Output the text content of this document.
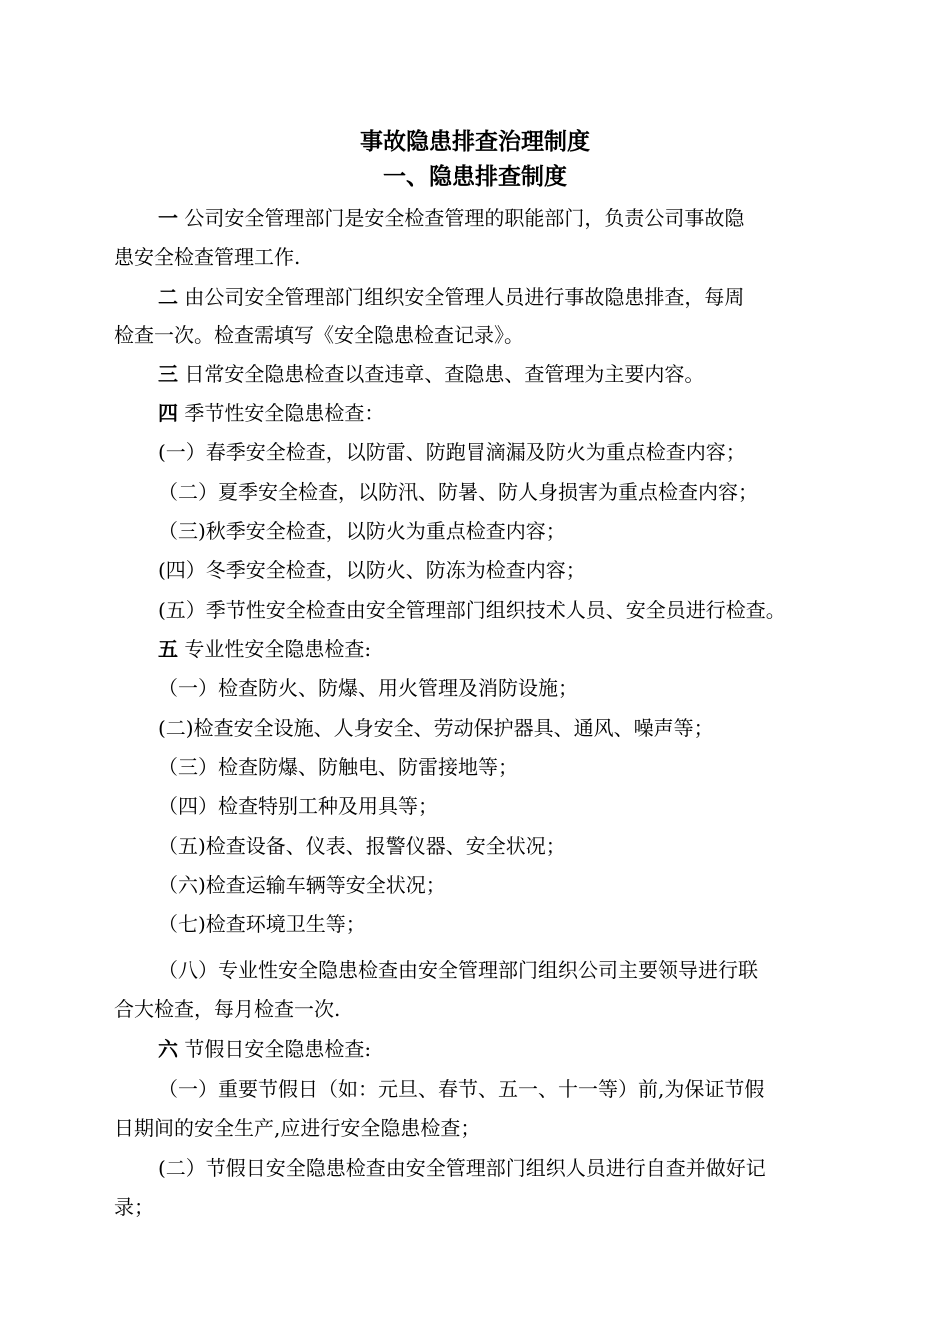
事故隐患排查治理制度
一、隐患排查制度
一 公司安全管理部门是安全检查管理的职能部门，负责公司事故隐
患安全检查管理工作.
二 由公司安全管理部门组织安全管理人员进行事故隐患排查，每周
检查一次。检查需填写《安全隐患检查记录》。
三 日常安全隐患检查以查违章、查隐患、查管理为主要内容。
四 季节性安全隐患检查：
(一）春季安全检查，以防雷、防跑冒滴漏及防火为重点检查内容；
（二）夏季安全检查，以防汛、防暑、防人身损害为重点检查内容；
（三)秋季安全检查，以防火为重点检查内容；
(四）冬季安全检查，以防火、防冻为检查内容；
(五）季节性安全检查由安全管理部门组织技术人员、安全员进行检查。
五 专业性安全隐患检查:
（一）检查防火、防爆、用火管理及消防设施；
(二)检查安全设施、人身安全、劳动保护器具、通风、噪声等；
（三）检查防爆、防触电、防雷接地等；
（四）检查特别工种及用具等；
（五)检查设备、仪表、报警仪器、安全状况；
（六)检查运输车辆等安全状况；
（七)检查环境卫生等；
（八）专业性安全隐患检查由安全管理部门组织公司主要领导进行联
合大检查，每月检查一次.
六 节假日安全隐患检查:
（一）重要节假日（如：元旦、春节、五一、十一等）前,为保证节假
日期间的安全生产,应进行安全隐患检查；
(二）节假日安全隐患检查由安全管理部门组织人员进行自查并做好记
录；
